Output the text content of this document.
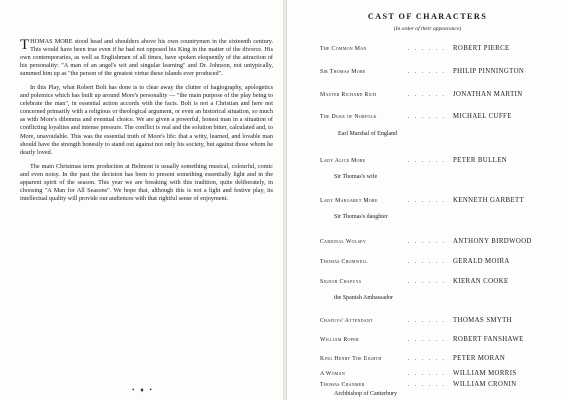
THOMAS MORE stood head and shoulders above his own countrymen in the sixteenth century. This would have been true even if he had not opposed his King in the matter of the divorce. His own contemporaries, as well as Englishmen of all times, have spoken eloquently of the attraction of his personality: "A man of an angel's wit and singular learning" and Dr. Johnson, not untypically, summed him up as "the person of the greatest virtue these islands ever produced".

In this Play, what Robert Bolt has done is to clear away the clutter of hagiography, apologetics and polemics which has built up around More's personality — "the main purpose of the play being to celebrate the man", in essential action accords with the facts. Bolt is not a Christian and here not concerned primarily with a religious or theological argument, or even an historical situation, so much as with More's dilemma and eventual choice. We are given a powerful, honest man in a situation of conflicting loyalties and intense pressure. The conflict is real and the solution bitter, calculated and, to More, unavoidable. This was the essential truth of More's life: that a witty, learned, and lovable man should have the strength honestly to stand out against not only his society, but against those whom he dearly loved.

The main Christmas term production at Belmont is usually something musical, colourful, comic and even noisy. In the past the decision has been to present something essentially light and in the apparent spirit of the season. This year we are breaking with this tradition, quite deliberately, in choosing "A Man for All Seasons". We hope that, although this is not a light and festive play, its intellectual quality will provide our audiences with that rightful sense of enjoyment.

• ♦ •
CAST OF CHARACTERS

(In order of their appearance)

The Common Man	. . . . . . ROBERT PIERCE
Sir Thomas More	. . . . . . PHILIP PINNINGTON
Master Richard Rich	. . . . . . JONATHAN MARTIN
The Duke of Norfolk	. . . . . . MICHAEL CUFFE
Earl Marshal of England
Lady Alice More	. . . . . . PETER BULLEN
Sir Thomas's wife
Lady Margaret More	. . . . . . KENNETH GARBETT
Sir Thomas's daughter
Cardinal Wolsey	. . . . . . ANTHONY BIRDWOOD
Thomas Cromwell	. . . . . . GERALD MOIRA
Signor Chapuys	. . . . . . KIERAN COOKE
the Spanish Ambassador
Chapuys' Attendant	. . . . . . THOMAS SMYTH
William Roper	. . . . . . ROBERT FANSHAWE
King Henry The Eighth	. . . . . . PETER MORAN
A Woman	. . . . . . WILLIAM MORRIS
Thomas Cranmer	. . . . . . WILLIAM CRONIN
Archbishop of Canterbury
